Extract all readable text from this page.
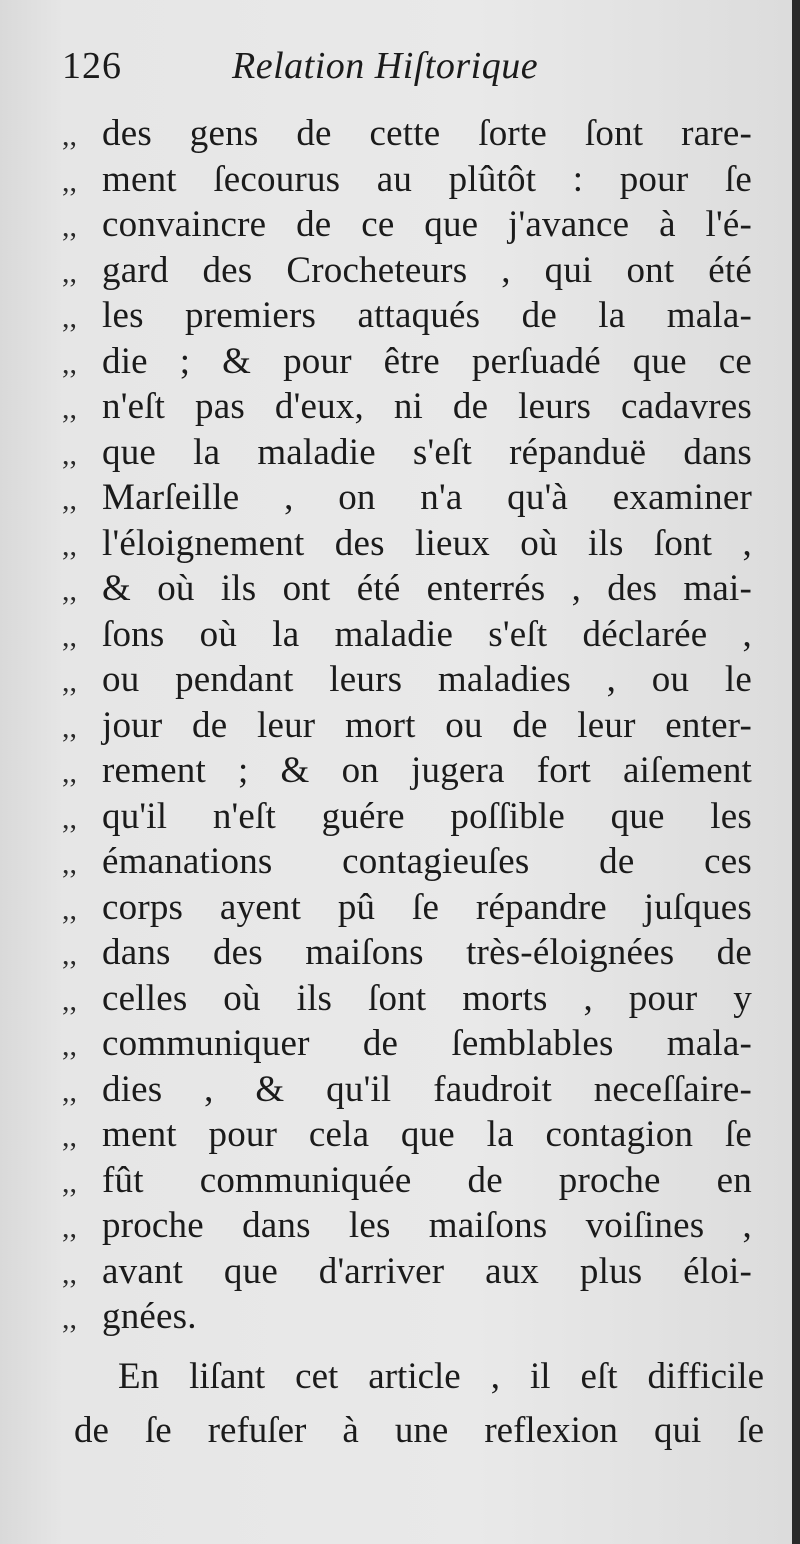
126	Relation Hiſtorique
,, des gens de cette ſorte ſont rare-
,, ment ſecourus au plûtôt : pour ſe
,, convaincre de ce que j'avance à l'é-
,, gard des Crocheteurs , qui ont été
,, les premiers attaqués de la mala-
,, die ; & pour être perſuadé que ce
,, n'eſt pas d'eux, ni de leurs cadavres
,, que la maladie s'eſt répanduë dans
,, Marſeille , on n'a qu'à examiner
,, l'éloignement des lieux où ils ſont ,
,, & où ils ont été enterrés , des mai-
,, ſons où la maladie s'eſt déclarée ,
,, ou pendant leurs maladies , ou le
,, jour de leur mort ou de leur enter-
,, rement ; & on jugera fort aiſement
,, qu'il n'eſt guére poſſible que les
,, émanations contagieuſes de ces
,, corps ayent pû ſe répandre juſques
,, dans des maiſons très-éloignées de
,, celles où ils ſont morts , pour y
,, communiquer de ſemblables mala-
,, dies , & qu'il faudroit neceſſaire-
,, ment pour cela que la contagion ſe
,, fût communiquée de proche en
,, proche dans les maiſons voiſines ,
,, avant que d'arriver aux plus éloi-
,, gnées.
En liſant cet article , il eſt difficile
de ſe refuſer à une reflexion qui ſe
